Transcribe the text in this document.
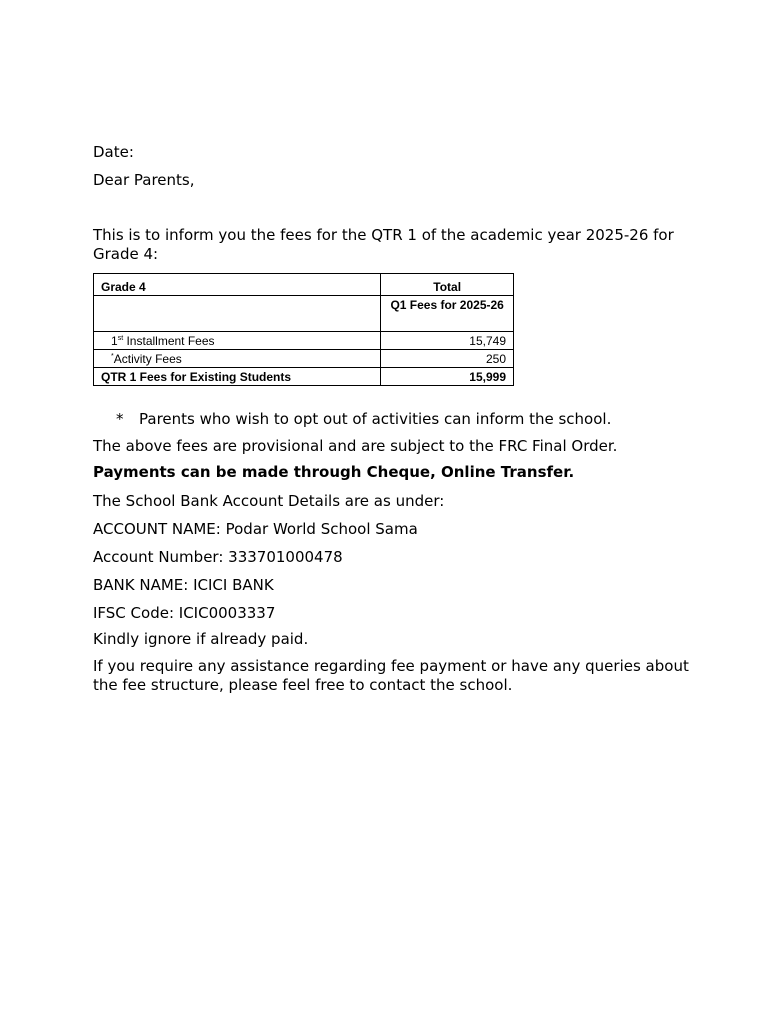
Date:
Dear Parents,
This is to inform you the fees for the QTR 1 of the academic year 2025-26 for Grade 4:
Grade 4	Total
	Q1 Fees for 2025-26
1st Installment Fees	15,749
*Activity Fees	250
QTR 1 Fees for Existing Students	15,999
* Parents who wish to opt out of activities can inform the school.
The above fees are provisional and are subject to the FRC Final Order.
Payments can be made through Cheque, Online Transfer.
The School Bank Account Details are as under:
ACCOUNT NAME: Podar World School Sama
Account Number: 333701000478
BANK NAME: ICICI BANK
IFSC Code: ICIC0003337
Kindly ignore if already paid.
If you require any assistance regarding fee payment or have any queries about the fee structure, please feel free to contact the school.
